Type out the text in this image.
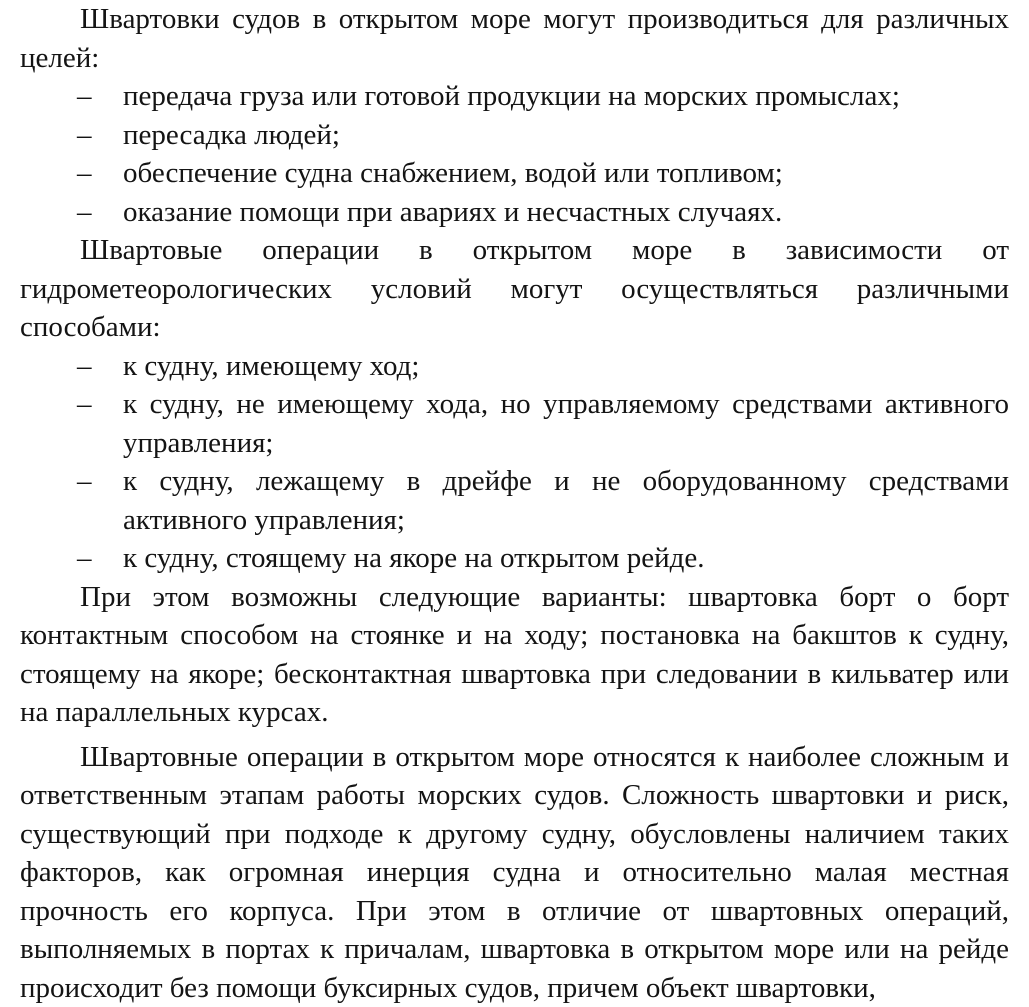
Швартовки судов в открытом море могут производиться для различных целей:

– передача груза или готовой продукции на морских промыслах;
– пересадка людей;
– обеспечение судна снабжением, водой или топливом;
– оказание помощи при авариях и несчастных случаях.

Швартовые операции в открытом море в зависимости от гидрометеорологических условий могут осуществляться различными способами:

– к судну, имеющему ход;
– к судну, не имеющему хода, но управляемому средствами активного управления;
– к судну, лежащему в дрейфе и не оборудованному средствами активного управления;
– к судну, стоящему на якоре на открытом рейде.

При этом возможны следующие варианты: швартовка борт о борт контактным способом на стоянке и на ходу; постановка на бакштов к судну, стоящему на якоре; бесконтактная швартовка при следовании в кильватер или на параллельных курсах.

Швартовные операции в открытом море относятся к наиболее сложным и ответственным этапам работы морских судов. Сложность швартовки и риск, существующий при подходе к другому судну, обусловлены наличием таких факторов, как огромная инерция судна и относительно малая местная прочность его корпуса. При этом в отличие от швартовных операций, выполняемых в портах к причалам, швартовка в открытом море или на рейде происходит без помощи буксирных судов, причем объект швартовки,
